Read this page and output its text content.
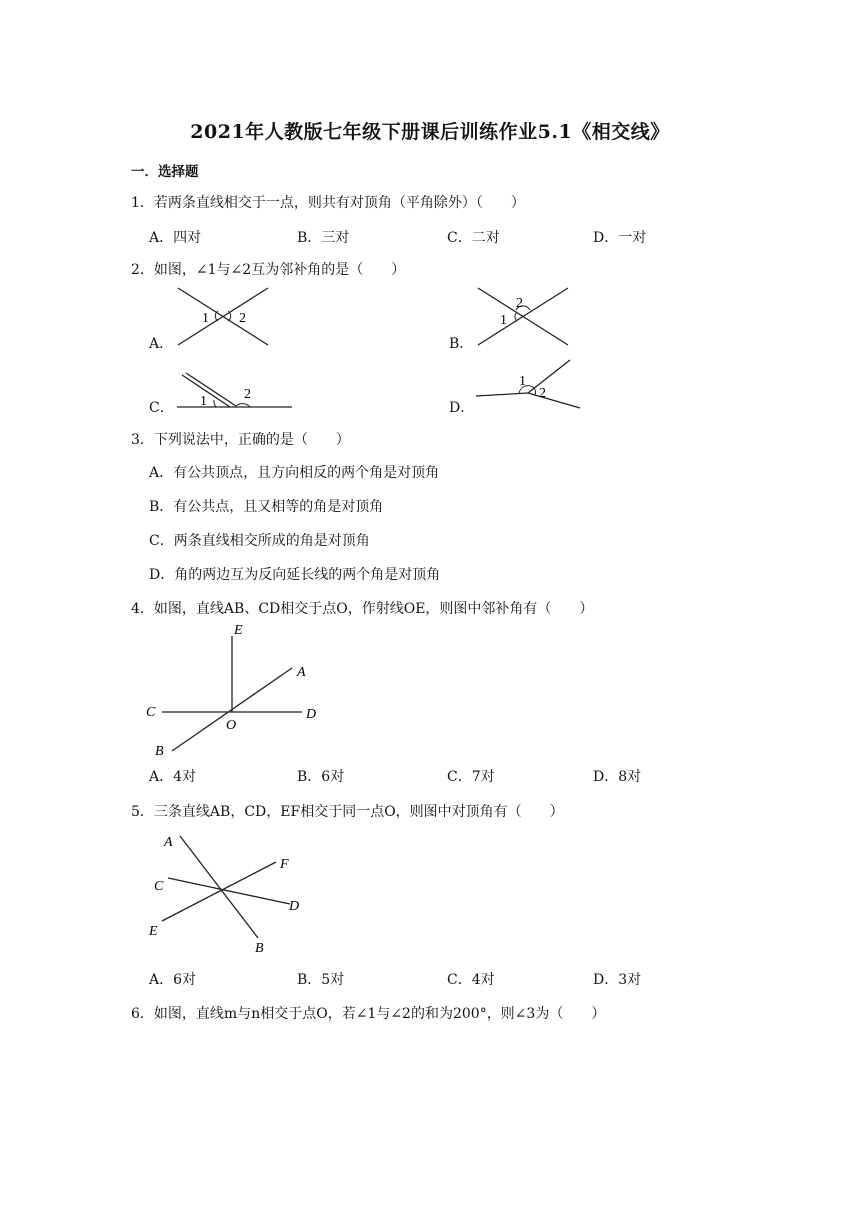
2021年人教版七年级下册课后训练作业5.1《相交线》
一．选择题
1．若两条直线相交于一点，则共有对顶角（平角除外）（　　）
A．四对	B．三对	C．二对	D．一对
2．如图，∠1与∠2互为邻补角的是（　　）
A．	B．
C．	D．
1 2
2
1
1	2
1
2
3．下列说法中，正确的是（　　）
A．有公共顶点，且方向相反的两个角是对顶角
B．有公共点，且又相等的角是对顶角
C．两条直线相交所成的角是对顶角
D．角的两边互为反向延长线的两个角是对顶角
4．如图，直线AB、CD相交于点O，作射线OE，则图中邻补角有（　　）
E
A
C
O
D
B
A．4对	B．6对	C．7对	D．8对
5．三条直线AB，CD，EF相交于同一点O，则图中对顶角有（　　）
A
F
C
D
E
B
A．6对	B．5对	C．4对	D．3对
6．如图，直线m与n相交于点O，若∠1与∠2的和为200°，则∠3为（　　）
